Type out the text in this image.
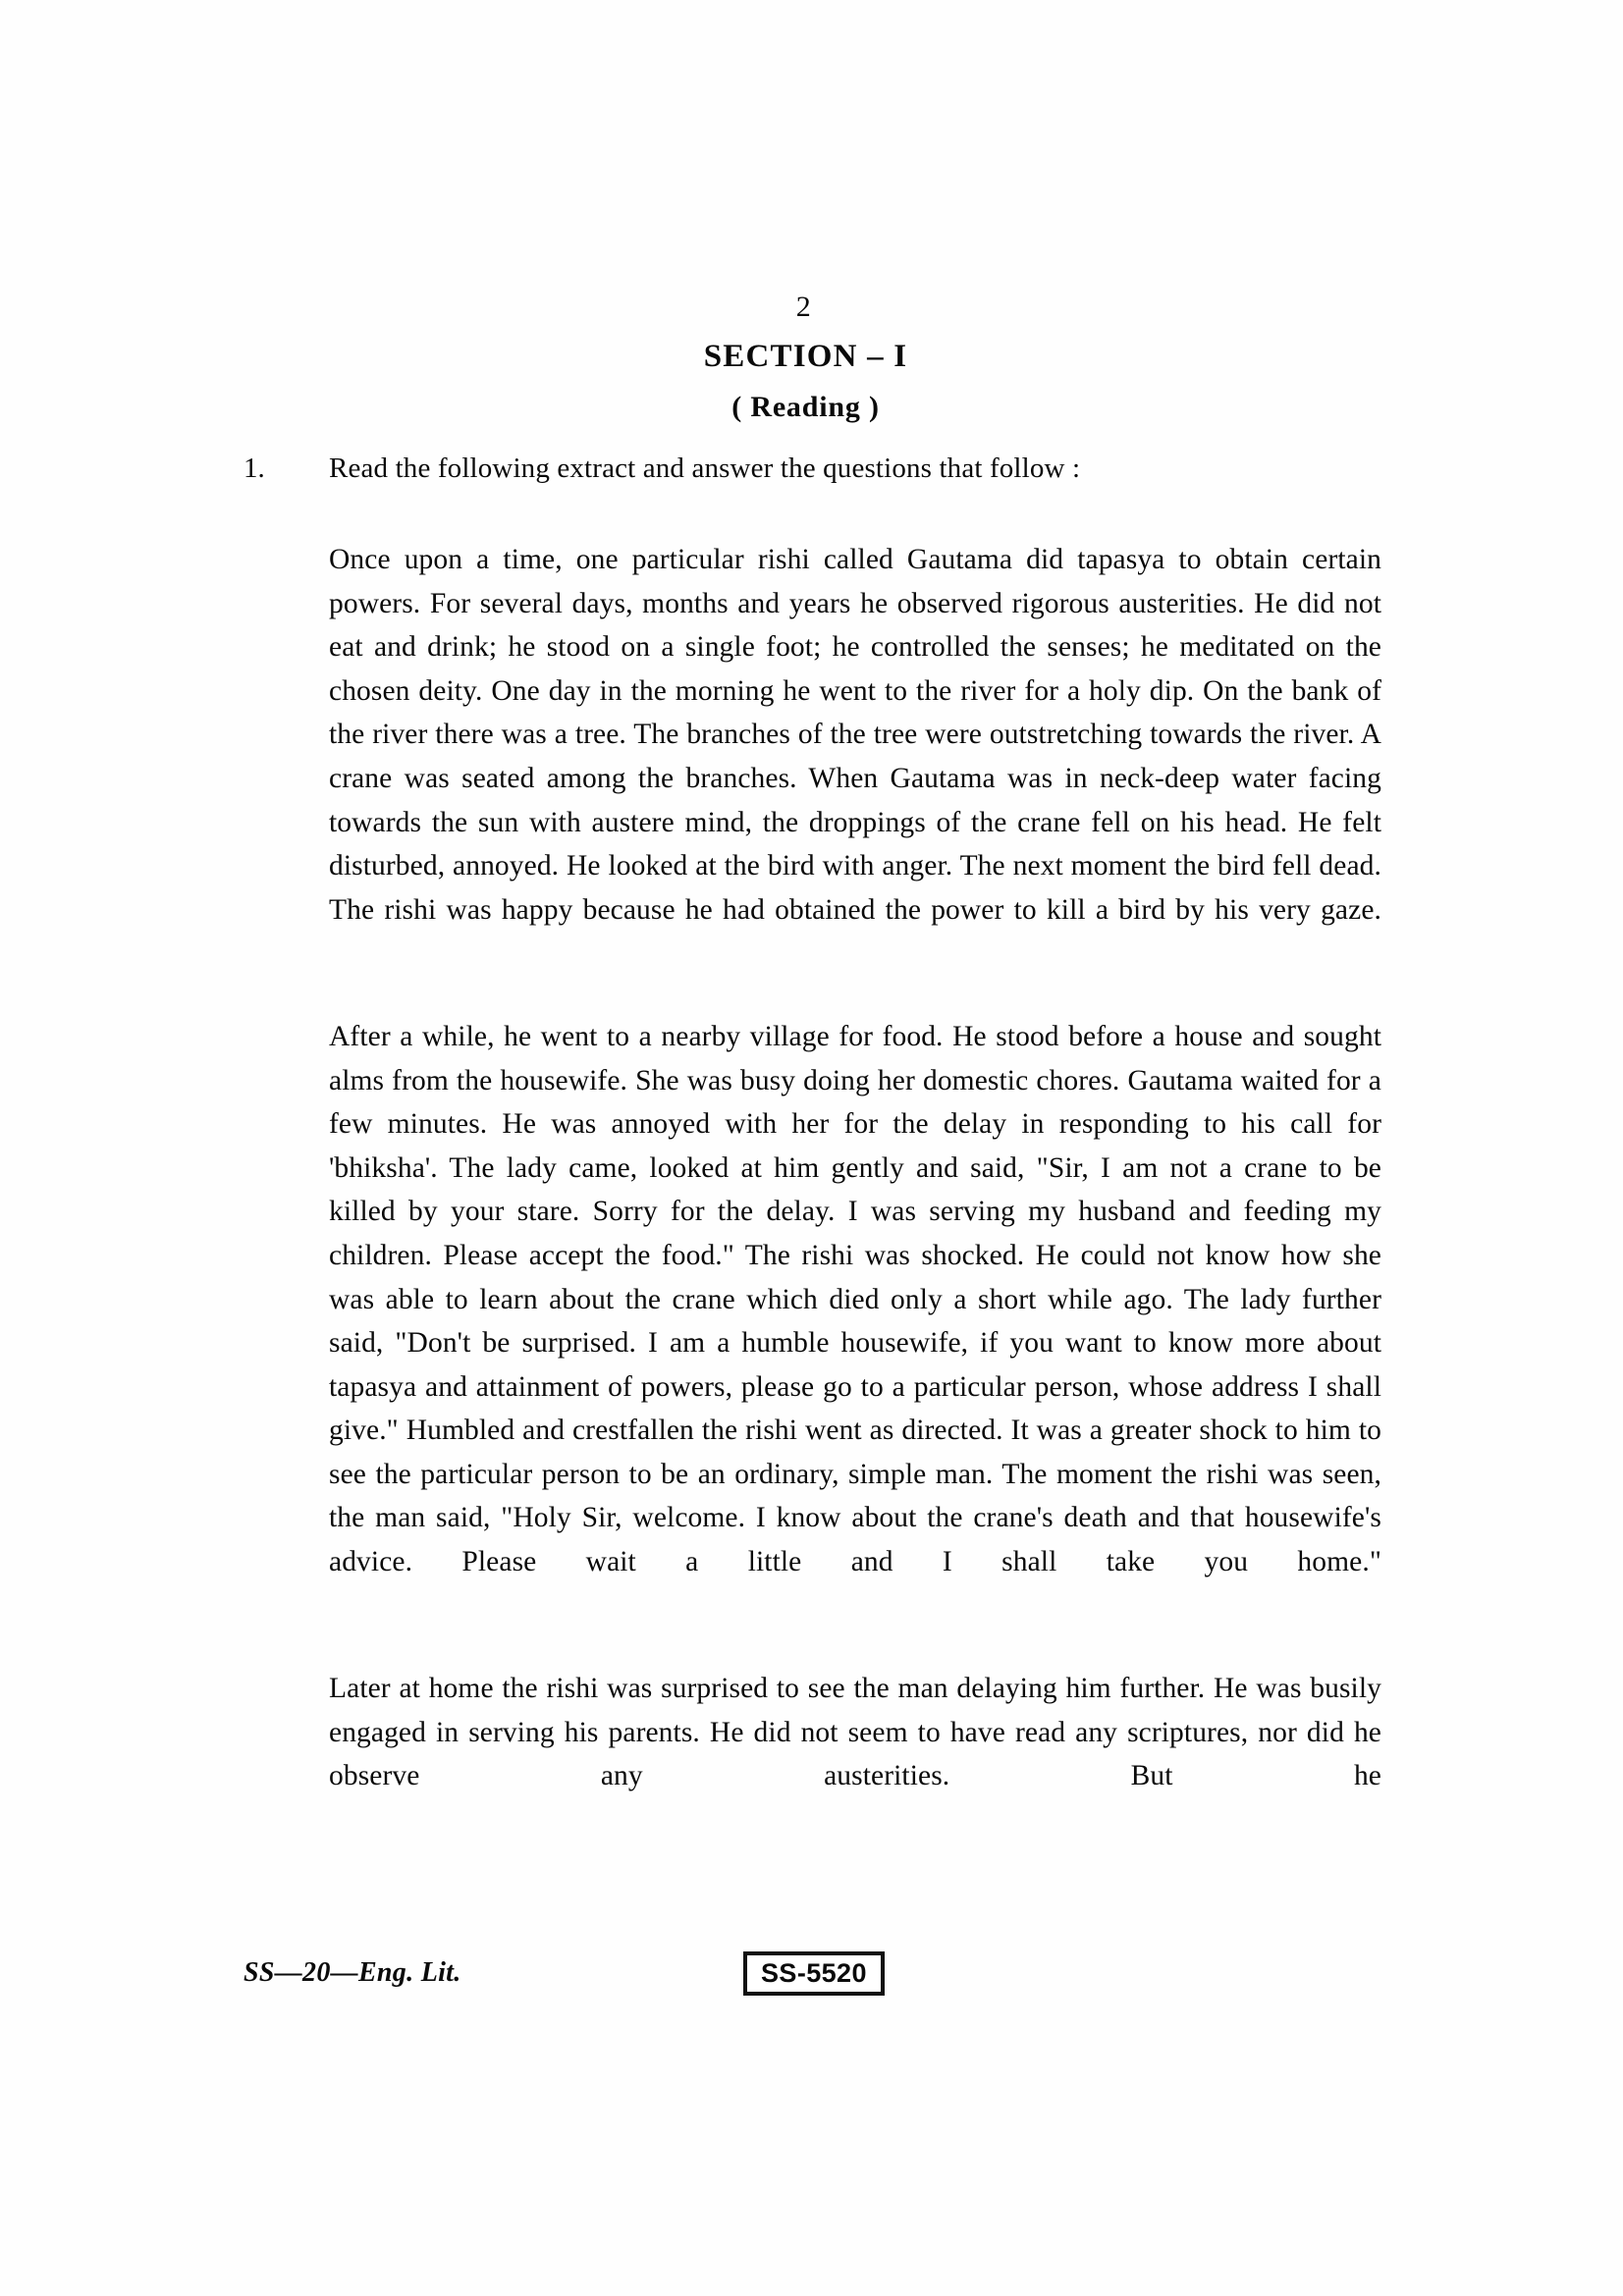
2
SECTION – I
( Reading )
1. Read the following extract and answer the questions that follow :

Once upon a time, one particular rishi called Gautama did tapasya to obtain certain powers. For several days, months and years he observed rigorous austerities. He did not eat and drink; he stood on a single foot; he controlled the senses; he meditated on the chosen deity. One day in the morning he went to the river for a holy dip. On the bank of the river there was a tree. The branches of the tree were outstretching towards the river. A crane was seated among the branches. When Gautama was in neck-deep water facing towards the sun with austere mind, the droppings of the crane fell on his head. He felt disturbed, annoyed. He looked at the bird with anger. The next moment the bird fell dead. The rishi was happy because he had obtained the power to kill a bird by his very gaze.

After a while, he went to a nearby village for food. He stood before a house and sought alms from the housewife. She was busy doing her domestic chores. Gautama waited for a few minutes. He was annoyed with her for the delay in responding to his call for 'bhiksha'. The lady came, looked at him gently and said, "Sir, I am not a crane to be killed by your stare. Sorry for the delay. I was serving my husband and feeding my children. Please accept the food." The rishi was shocked. He could not know how she was able to learn about the crane which died only a short while ago. The lady further said, "Don't be surprised. I am a humble housewife, if you want to know more about tapasya and attainment of powers, please go to a particular person, whose address I shall give." Humbled and crestfallen the rishi went as directed. It was a greater shock to him to see the particular person to be an ordinary, simple man. The moment the rishi was seen, the man said, "Holy Sir, welcome. I know about the crane's death and that housewife's advice. Please wait a little and I shall take you home."

Later at home the rishi was surprised to see the man delaying him further. He was busily engaged in serving his parents. He did not seem to have read any scriptures, nor did he observe any austerities. But he

SS—20—Eng. Lit.	SS-5520
